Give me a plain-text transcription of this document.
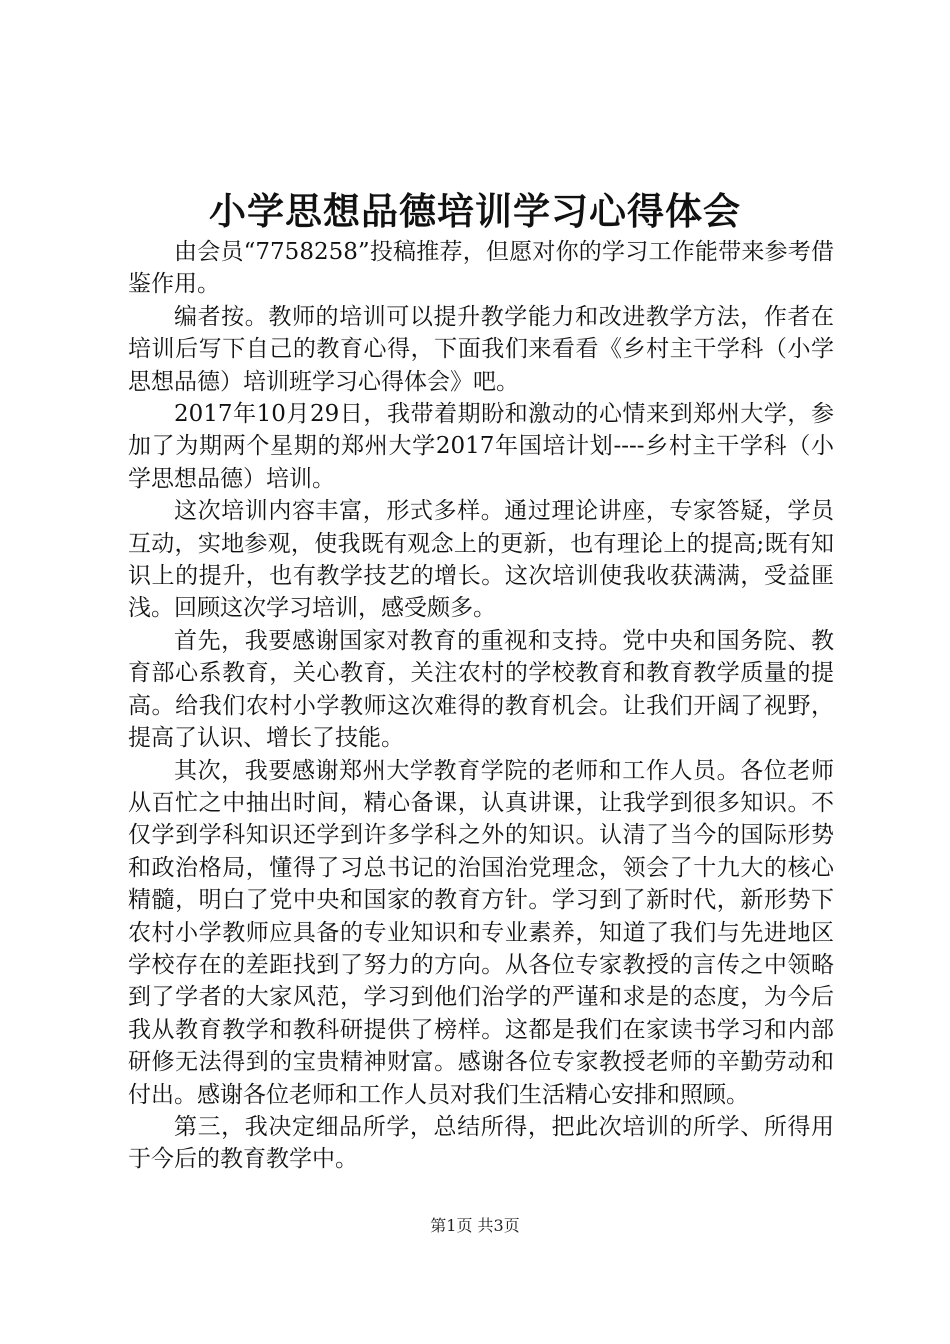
小学思想品德培训学习心得体会

由会员“7758258”投稿推荐，但愿对你的学习工作能带来参考借鉴作用。

编者按。教师的培训可以提升教学能力和改进教学方法，作者在培训后写下自己的教育心得，下面我们来看看《乡村主干学科（小学思想品德）培训班学习心得体会》吧。

2017年10月29日，我带着期盼和激动的心情来到郑州大学，参加了为期两个星期的郑州大学2017年国培计划----乡村主干学科（小学思想品德）培训。

这次培训内容丰富，形式多样。通过理论讲座，专家答疑，学员互动，实地参观，使我既有观念上的更新，也有理论上的提高;既有知识上的提升，也有教学技艺的增长。这次培训使我收获满满，受益匪浅。回顾这次学习培训，感受颇多。

首先，我要感谢国家对教育的重视和支持。党中央和国务院、教育部心系教育，关心教育，关注农村的学校教育和教育教学质量的提高。给我们农村小学教师这次难得的教育机会。让我们开阔了视野，提高了认识、增长了技能。

其次，我要感谢郑州大学教育学院的老师和工作人员。各位老师从百忙之中抽出时间，精心备课，认真讲课，让我学到很多知识。不仅学到学科知识还学到许多学科之外的知识。认清了当今的国际形势和政治格局，懂得了习总书记的治国治党理念，领会了十九大的核心精髓，明白了党中央和国家的教育方针。学习到了新时代，新形势下农村小学教师应具备的专业知识和专业素养，知道了我们与先进地区学校存在的差距找到了努力的方向。从各位专家教授的言传之中领略到了学者的大家风范，学习到他们治学的严谨和求是的态度，为今后我从教育教学和教科研提供了榜样。这都是我们在家读书学习和内部研修无法得到的宝贵精神财富。感谢各位专家教授老师的辛勤劳动和付出。感谢各位老师和工作人员对我们生活精心安排和照顾。

第三，我决定细品所学，总结所得，把此次培训的所学、所得用于今后的教育教学中。

第1页 共3页
